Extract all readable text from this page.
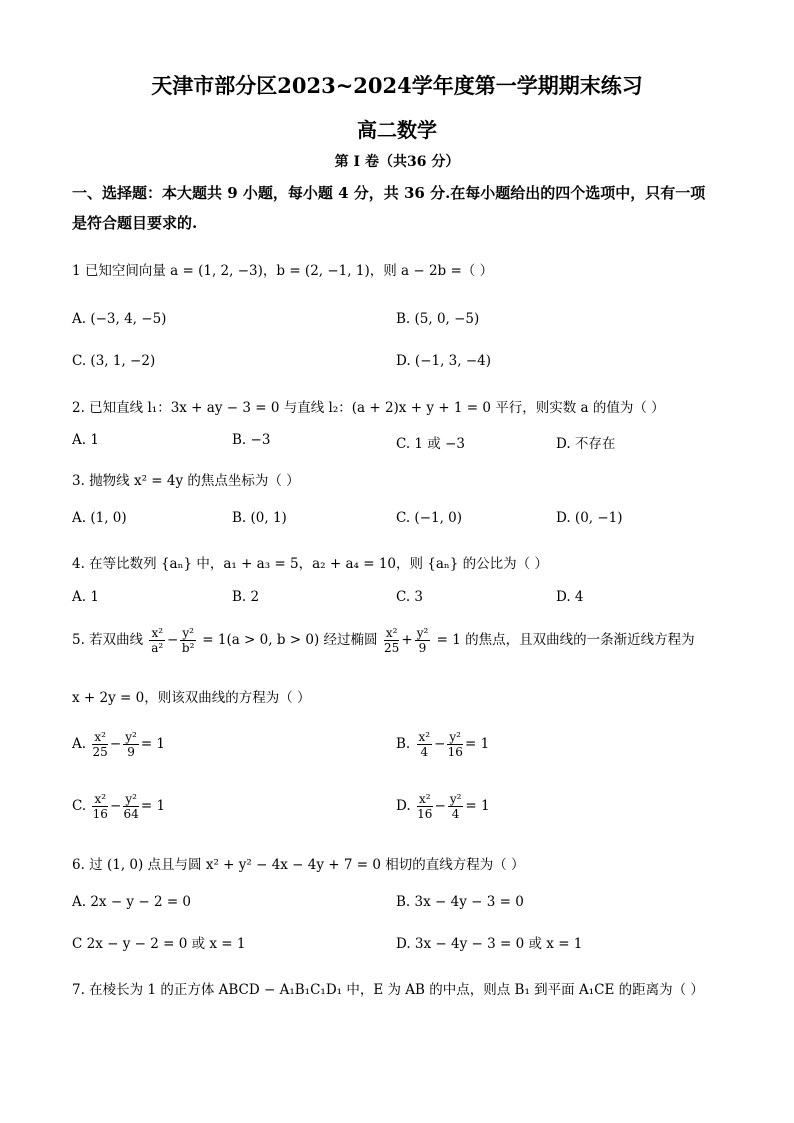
天津市部分区2023~2024学年度第一学期期末练习
高二数学
第 I 卷（共36 分）
一、选择题：本大题共 9 小题，每小题 4 分，共 36 分.在每小题给出的四个选项中，只有一项
是符合题目要求的.
1 已知空间向量 a = (1, 2, −3)，b = (2, −1, 1)，则 a − 2b =（ ）
A. (−3, 4, −5)	B. (5, 0, −5)
C. (3, 1, −2)	D. (−1, 3, −4)
2. 已知直线 l₁：3x + ay − 3 = 0 与直线 l₂：(a + 2)x + y + 1 = 0 平行，则实数 a 的值为（ ）
A. 1	B. −3	C. 1 或 −3	D. 不存在
3. 抛物线 x² = 4y 的焦点坐标为（ ）
A. (1, 0)	B. (0, 1)	C. (−1, 0)	D. (0, −1)
4. 在等比数列 {aₙ} 中，a₁ + a₃ = 5，a₂ + a₄ = 10，则 {aₙ} 的公比为（ ）
A. 1	B. 2	C. 3	D. 4
5. 若双曲线 $\frac{\text{x²}}{\text{a²}} - \frac{\text{y²}}{\text{b²}} = 1(a > 0$, b > 0) 经过椭圆 $\frac{\text{x²}}{25} + \frac{\text{y²}}{9} = 1$ 的焦点，且双曲线的一条渐近线方程为
x + 2y = 0，则该双曲线的方程为（ ）
A. $\frac{\text{x²}}{25} - \frac{\text{y²}}{9} = 1$	B. $\frac{\text{x²}}{4} - \frac{\text{y²}}{16} = 1$
C. $\frac{\text{x²}}{16} - \frac{\text{y²}}{64} = 1$	D. $\frac{\text{x²}}{16} - \frac{\text{y²}}{4} = 1$
6. 过 (1, 0) 点且与圆 x² + y² − 4x − 4y + 7 = 0 相切的直线方程为（ ）
A. 2x − y − 2 = 0	B. 3x − 4y − 3 = 0
C 2x − y − 2 = 0 或 x = 1	D. 3x − 4y − 3 = 0 或 x = 1
7. 在棱长为 1 的正方体 ABCD − A₁B₁C₁D₁ 中，E 为 AB 的中点，则点 B₁ 到平面 A₁CE 的距离为（ ）
